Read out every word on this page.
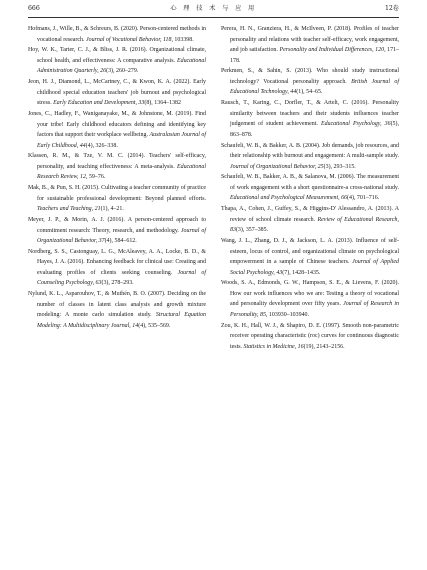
666	心 理 技 术 与 应 用	12卷

Hofmans, J., Wille, B., & Schreurs, B. (2020). Person-centered methods in vocational research. Journal of Vocational Behavior, 118, 103398.

Hoy, W. K., Tarter, C. J., & Bliss, J. R. (2016). Organizational climate, school health, and effectiveness: A comparative analysis. Educational Administration Quarterly, 26(3), 260–279.

Jeon, H. J., Diamond, L., McCartney, C., & Kwon, K. A. (2022). Early childhood special education teachers' job burnout and psychological stress. Early Education and Development, 33(8), 1364–1382

Jones, C., Hadley, F., Waniganayake, M., & Johnstone, M. (2019). Find your tribe! Early childhood educators defining and identifying key factors that support their workplace wellbeing. Australasian Journal of Early Childhood, 44(4), 326–338.

Klassen, R. M., & Tze, V. M. C. (2014). Teachers' self-efficacy, personality, and teaching effectiveness: A meta-analysis. Educational Research Review, 12, 59–76.

Mak, B., & Pun, S. H. (2015). Cultivating a teacher community of practice for sustainable professional development: Beyond planned efforts. Teachers and Teaching, 21(1), 4–21.

Meyer, J. P., & Morin, A. J. (2016). A person-centered approach to commitment research: Theory, research, and methodology. Journal of Organizational Behavior, 37(4), 584–612.

Nordberg, S. S., Castonguay, L. G., McAleavey, A. A., Locke, B. D., & Hayes, J. A. (2016). Enhancing feedback for clinical use: Creating and evaluating profiles of clients seeking counseling. Journal of Counseling Psychology, 63(3), 278–293.

Nylund, K. L., Asparouhov, T., & Muthén, B. O. (2007). Deciding on the number of classes in latent class analysis and growth mixture modeling: A monte carlo simulation study. Structural Equation Modeling: A Multidisciplinary Journal, 14(4), 535–569.

Perera, H. N., Granziera, H., & McIlveen, P. (2018). Profiles of teacher personality and relations with teacher self-efficacy, work engagement, and job satisfaction. Personality and Individual Differences, 120, 171–178.

Perkmen, S., & Sahin, S. (2013). Who should study instructional technology? Vocational personality approach. British Journal of Educational Technology, 44(1), 54–65.

Rausch, T., Karing, C., Dorfler, T., & Artelt, C. (2016). Personality similarity between teachers and their students influences teacher judgement of student achievement. Educational Psychology, 36(5), 863–878.

Schaufeli, W. B., & Bakker, A. B. (2004). Job demands, job resources, and their relationship with burnout and engagement: A multi-sample study. Journal of Organizational Behavior, 25(3), 293–315.

Schaufeli, W. B., Bakker, A. B., & Salanova, M. (2006). The measurement of work engagement with a short questionnaire-a cross-national study. Educational and Psychological Measurement, 66(4), 701–716.

Thapa, A., Cohen, J., Guffey, S., & Higgins-D' Alessandro, A. (2013). A review of school climate research. Review of Educational Research, 83(3), 357–385.

Wang, J. L., Zhang, D. J., & Jackson, L. A. (2013). Influence of self-esteem, locus of control, and organizational climate on psychological empowerment in a sample of Chinese teachers. Journal of Applied Social Psychology, 43(7), 1428–1435.

Woods, S. A., Edmonds, G. W., Hampson, S. E., & Lievens, F. (2020). How our work influences who we are: Testing a theory of vocational and personality development over fifty years. Journal of Research in Personality, 85, 103930–103940.

Zou, K. H., Hall, W. J., & Shapiro, D. E. (1997). Smooth non-parametric receiver operating characteristic (roc) curves for continuous diagnostic tests. Statistics in Medicine, 16(19), 2143–2156.
